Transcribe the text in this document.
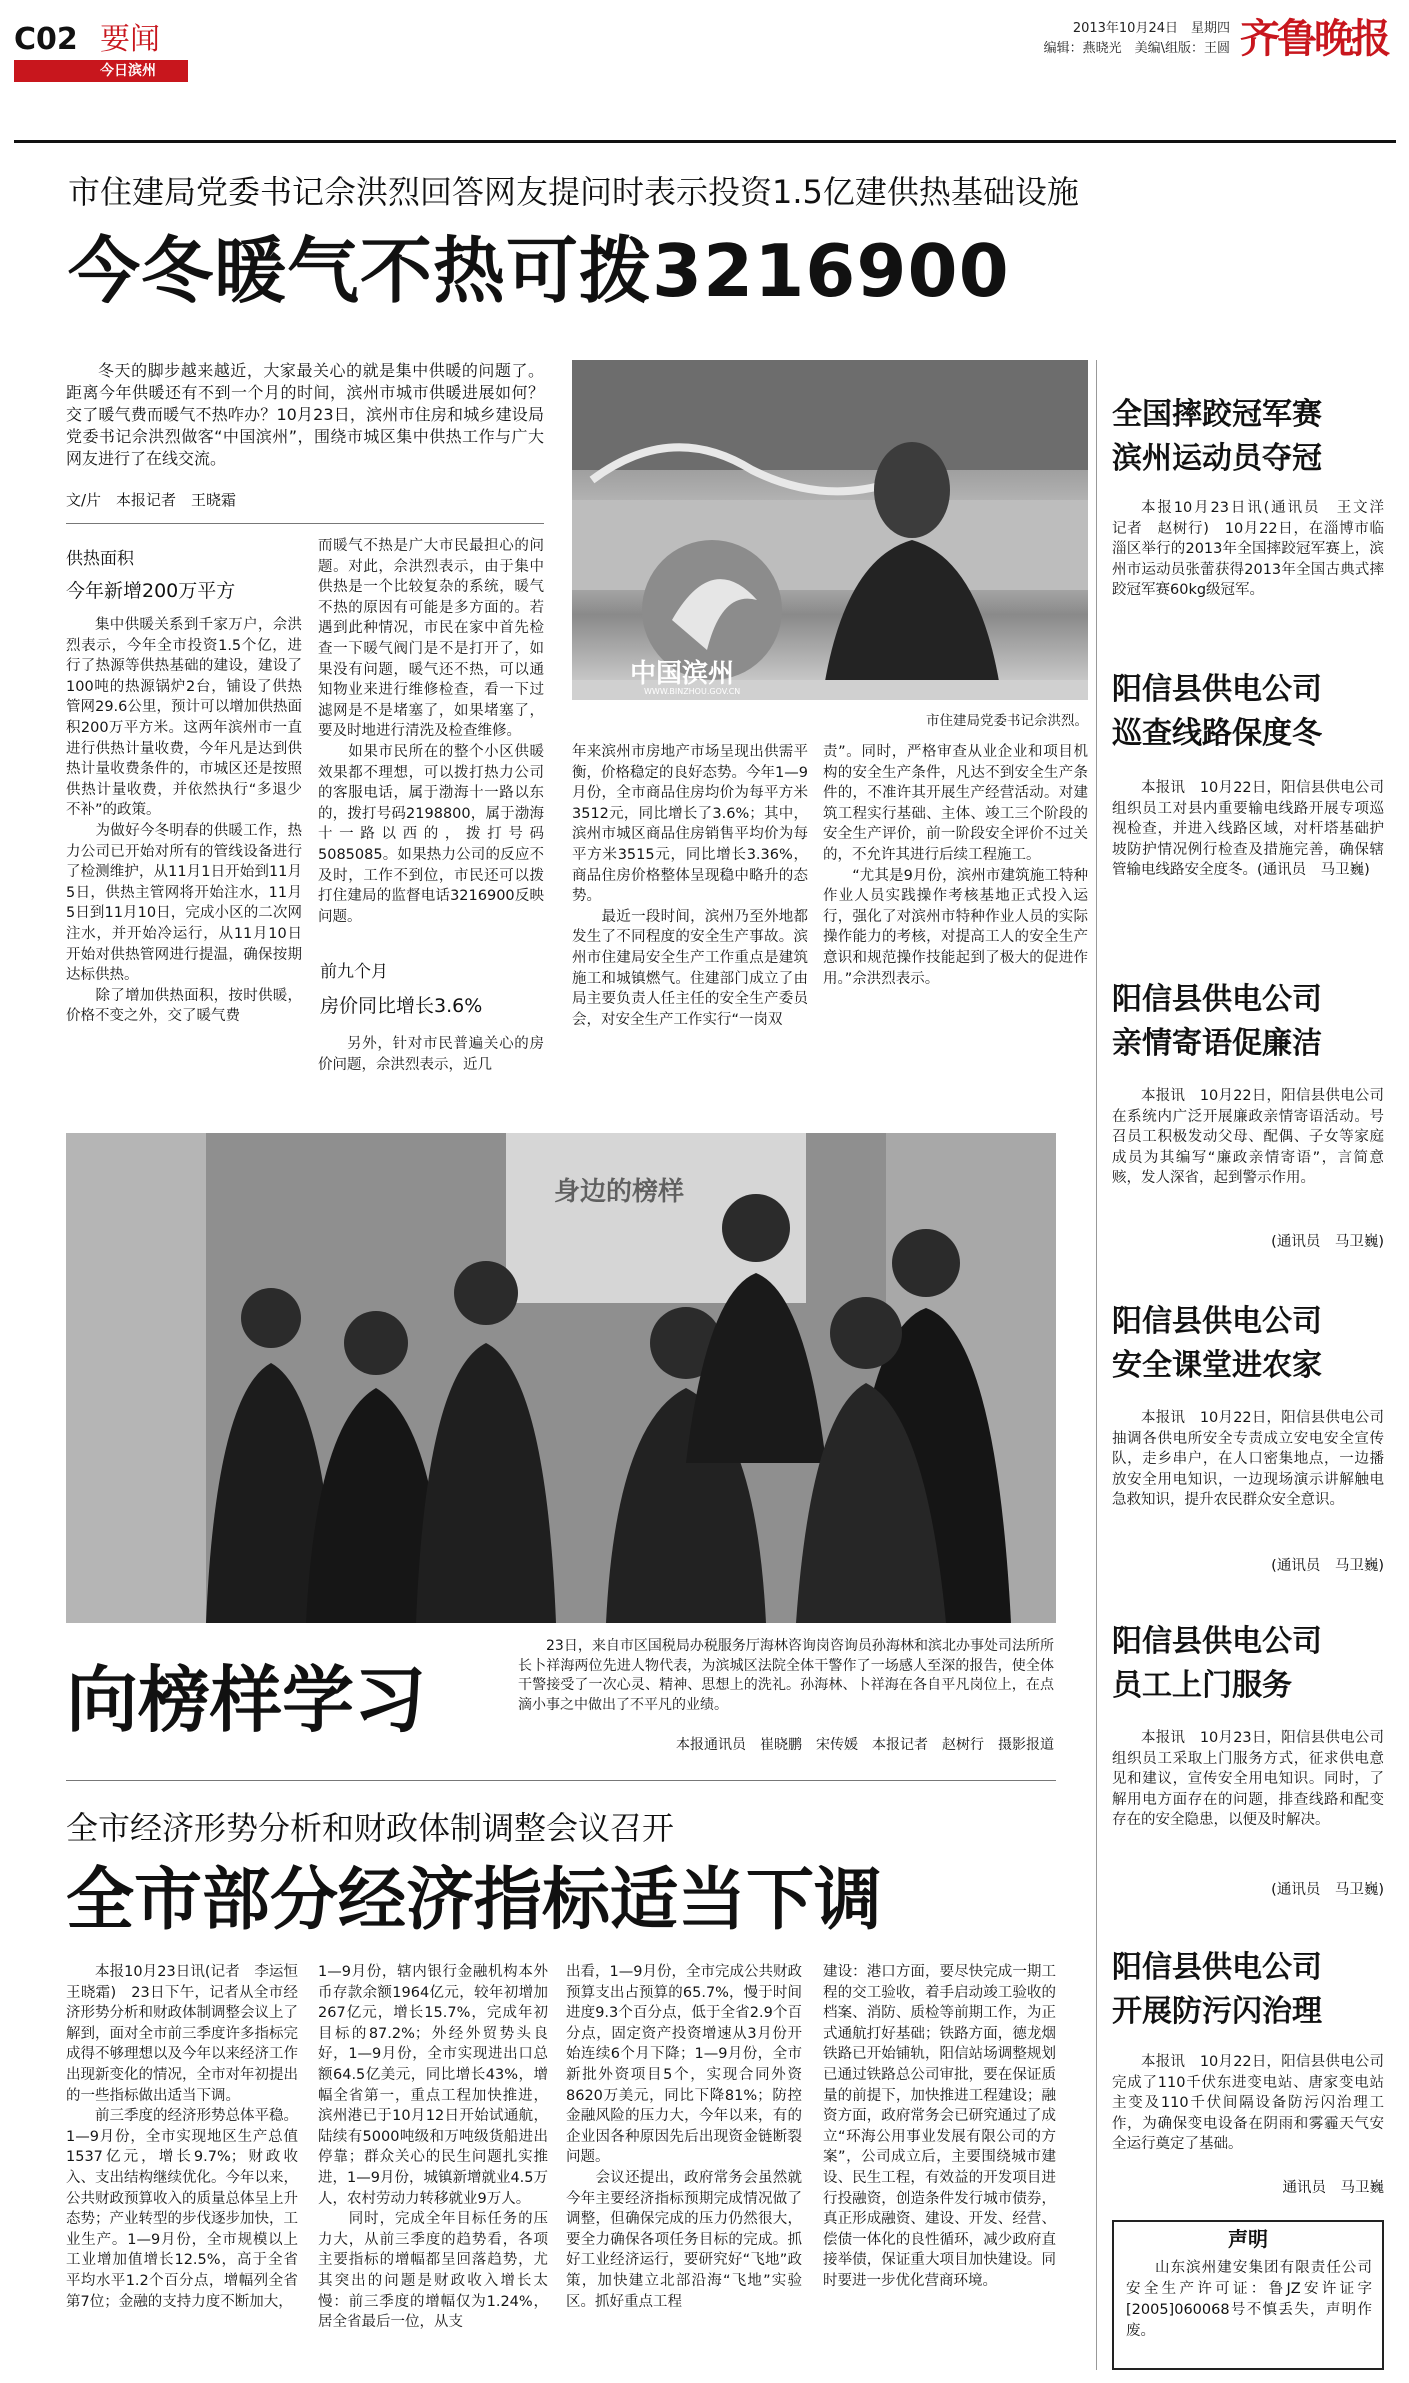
C02 要闻
今日滨州
2013年10月24日　星期四
编辑：燕晓光　美编\组版：王圆 齐鲁晚报
市住建局党委书记佘洪烈回答网友提问时表示投资1.5亿建供热基础设施
今冬暖气不热可拨3216900
冬天的脚步越来越近，大家最关心的就是集中供暖的问题了。距离今年供暖还有不到一个月的时间，滨州市城市供暖进展如何？交了暖气费而暖气不热咋办？10月23日，滨州市住房和城乡建设局党委书记佘洪烈做客“中国滨州”，围绕市城区集中供热工作与广大网友进行了在线交流。
文/片　本报记者　王晓霜
中国滨州
WWW.BINZHOU.GOV.CN
市住建局党委书记佘洪烈。
供热面积
今年新增200万平方
集中供暖关系到千家万户，佘洪烈表示，今年全市投资1.5个亿，进行了热源等供热基础的建设，建设了100吨的热源锅炉2台，铺设了供热管网29.6公里，预计可以增加供热面积200万平方米。这两年滨州市一直进行供热计量收费，今年凡是达到供热计量收费条件的，市城区还是按照供热计量收费，并依然执行“多退少不补”的政策。
　　为做好今冬明春的供暖工作，热力公司已开始对所有的管线设备进行了检测维护，从11月1日开始到11月5日，供热主管网将开始注水，11月5日到11月10日，完成小区的二次网注水，并开始冷运行，从11月10日开始对供热管网进行提温，确保按期达标供热。
　　除了增加供热面积，按时供暖，价格不变之外，交了暖气费
而暖气不热是广大市民最担心的问题。对此，佘洪烈表示，由于集中供热是一个比较复杂的系统，暖气不热的原因有可能是多方面的。若遇到此种情况，市民在家中首先检查一下暖气阀门是不是打开了，如果没有问题，暖气还不热，可以通知物业来进行维修检查，看一下过滤网是不是堵塞了，如果堵塞了，要及时地进行清洗及检查维修。
　　如果市民所在的整个小区供暖效果都不理想，可以拨打热力公司的客服电话，属于渤海十一路以东的，拨打号码2198800，属于渤海十一路以西的，拨打号码5085085。如果热力公司的反应不及时，工作不到位，市民还可以拨打住建局的监督电话3216900反映问题。
前九个月
房价同比增长3.6%
另外，针对市民普遍关心的房价问题，佘洪烈表示，近几
年来滨州市房地产市场呈现出供需平衡，价格稳定的良好态势。今年1—9月份，全市商品住房均价为每平方米3512元，同比增长了3.6%；其中，滨州市城区商品住房销售平均价为每平方米3515元，同比增长3.36%，商品住房价格整体呈现稳中略升的态势。
　　最近一段时间，滨州乃至外地都发生了不同程度的安全生产事故。滨州市住建局安全生产工作重点是建筑施工和城镇燃气。住建部门成立了由局主要负责人任主任的安全生产委员会，对安全生产工作实行“一岗双
责”。同时，严格审查从业企业和项目机构的安全生产条件，凡达不到安全生产条件的，不准许其开展生产经营活动。对建筑工程实行基础、主体、竣工三个阶段的安全生产评价，前一阶段安全评价不过关的，不允许其进行后续工程施工。
　　“尤其是9月份，滨州市建筑施工特种作业人员实践操作考核基地正式投入运行，强化了对滨州市特种作业人员的实际操作能力的考核，对提高工人的安全生产意识和规范操作技能起到了极大的促进作用。”佘洪烈表示。
身边的榜样
向榜样学习
23日，来自市区国税局办税服务厅海林咨询岗咨询员孙海林和滨北办事处司法所所长卜祥海两位先进人物代表，为滨城区法院全体干警作了一场感人至深的报告，使全体干警接受了一次心灵、精神、思想上的洗礼。孙海林、卜祥海在各自平凡岗位上，在点滴小事之中做出了不平凡的业绩。
本报通讯员　崔晓鹏　宋传媛　本报记者　赵树行　摄影报道
全市经济形势分析和财政体制调整会议召开
全市部分经济指标适当下调
本报10月23日讯(记者　李运恒　王晓霜)　23日下午，记者从全市经济形势分析和财政体制调整会议上了解到，面对全市前三季度许多指标完成得不够理想以及今年以来经济工作出现新变化的情况，全市对年初提出的一些指标做出适当下调。
　　前三季度的经济形势总体平稳。1—9月份，全市实现地区生产总值1537亿元，增长9.7%；财政收入、支出结构继续优化。今年以来，公共财政预算收入的质量总体呈上升态势；产业转型的步伐逐步加快，工业生产。1—9月份，全市规模以上工业增加值增长12.5%，高于全省平均水平1.2个百分点，增幅列全省第7位；金融的支持力度不断加大，
1—9月份，辖内银行金融机构本外币存款余额1964亿元，较年初增加267亿元，增长15.7%，完成年初目标的87.2%；外经外贸势头良好，1—9月份，全市实现进出口总额64.5亿美元，同比增长43%，增幅全省第一，重点工程加快推进，滨州港已于10月12日开始试通航，陆续有5000吨级和万吨级货船进出停靠；群众关心的民生问题扎实推进，1—9月份，城镇新增就业4.5万人，农村劳动力转移就业9万人。
　　同时，完成全年目标任务的压力大，从前三季度的趋势看，各项主要指标的增幅都呈回落趋势，尤其突出的问题是财政收入增长太慢：前三季度的增幅仅为1.24%，居全省最后一位，从支
出看，1—9月份，全市完成公共财政预算支出占预算的65.7%，慢于时间进度9.3个百分点，低于全省2.9个百分点，固定资产投资增速从3月份开始连续6个月下降；1—9月份，全市新批外资项目5个，实现合同外资8620万美元，同比下降81%；防控金融风险的压力大，今年以来，有的企业因各种原因先后出现资金链断裂问题。
　　会议还提出，政府常务会虽然就今年主要经济指标预期完成情况做了调整，但确保完成的压力仍然很大，要全力确保各项任务目标的完成。抓好工业经济运行，要研究好“飞地”政策，加快建立北部沿海“飞地”实验区。抓好重点工程
建设：港口方面，要尽快完成一期工程的交工验收，着手启动竣工验收的档案、消防、质检等前期工作，为正式通航打好基础；铁路方面，德龙烟铁路已开始铺轨，阳信站场调整规划已通过铁路总公司审批，要在保证质量的前提下，加快推进工程建设；融资方面，政府常务会已研究通过了成立“环海公用事业发展有限公司的方案”，公司成立后，主要围绕城市建设、民生工程，有效益的开发项目进行投融资，创造条件发行城市债券，真正形成融资、建设、开发、经营、偿债一体化的良性循环，减少政府直接举债，保证重大项目加快建设。同时要进一步优化营商环境。
全国摔跤冠军赛
滨州运动员夺冠
本报10月23日讯(通讯员　王文洋　记者　赵树行)　10月22日，在淄博市临淄区举行的2013年全国摔跤冠军赛上，滨州市运动员张蕾获得2013年全国古典式摔跤冠军赛60kg级冠军。
阳信县供电公司
巡查线路保度冬
本报讯　10月22日，阳信县供电公司组织员工对县内重要输电线路开展专项巡视检查，并进入线路区域，对杆塔基础护坡防护情况例行检查及措施完善，确保辖管输电线路安全度冬。(通讯员　马卫巍)
阳信县供电公司
亲情寄语促廉洁
本报讯　10月22日，阳信县供电公司在系统内广泛开展廉政亲情寄语活动。号召员工积极发动父母、配偶、子女等家庭成员为其编写“廉政亲情寄语”，言简意赅，发人深省，起到警示作用。
(通讯员　马卫巍)
阳信县供电公司
安全课堂进农家
本报讯　10月22日，阳信县供电公司抽调各供电所安全专责成立安电安全宣传队，走乡串户，在人口密集地点，一边播放安全用电知识，一边现场演示讲解触电急救知识，提升农民群众安全意识。
(通讯员　马卫巍)
阳信县供电公司
员工上门服务
本报讯　10月23日，阳信县供电公司组织员工采取上门服务方式，征求供电意见和建议，宣传安全用电知识。同时，了解用电方面存在的问题，排查线路和配变存在的安全隐患，以便及时解决。
(通讯员　马卫巍)
阳信县供电公司
开展防污闪治理
本报讯　10月22日，阳信县供电公司完成了110千伏东进变电站、唐家变电站主变及110千伏间隔设备防污闪治理工作，为确保变电设备在阴雨和雾霾天气安全运行奠定了基础。
通讯员　马卫巍
声明
山东滨州建安集团有限责任公司安全生产许可证：鲁JZ安许证字[2005]060068号不慎丢失，声明作废。
